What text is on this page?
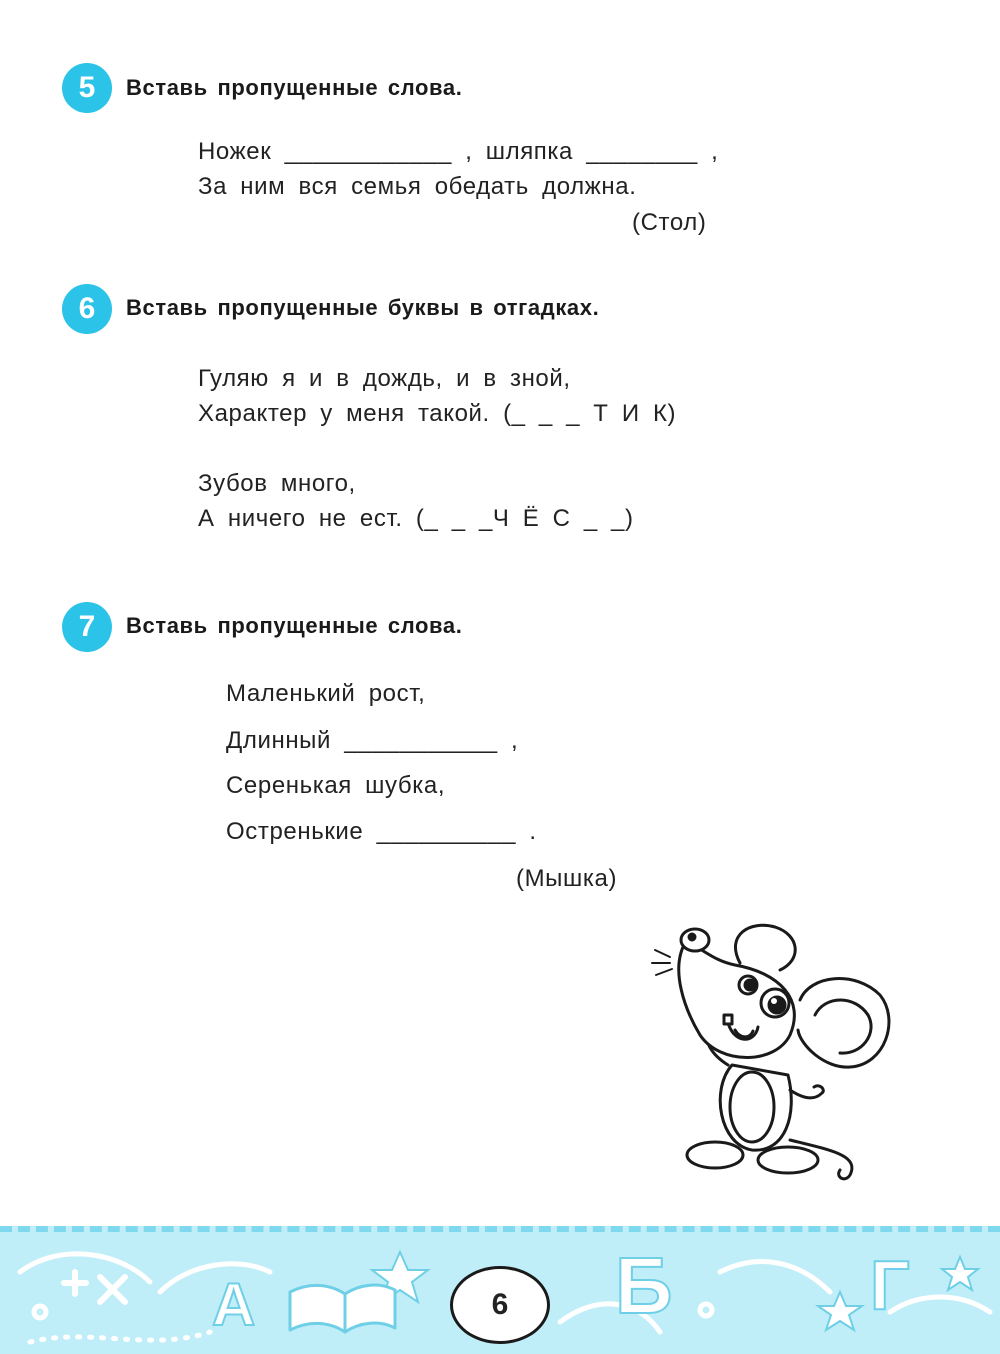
5	Вставь пропущенные слова.
Ножек ____________ , шляпка ________ ,
За ним вся семья обедать должна.
(Стол)
6	Вставь пропущенные буквы в отгадках.
Гуляю я и в дождь, и в зной,
Характер у меня такой. (_ _ _ Т И К)
Зубов много,
А ничего не ест. (_ _ _Ч Ё С _ _)
7	Вставь пропущенные слова.
Маленький рост,
Длинный ___________ ,
Серенькая шубка,
Остренькие __________ .
(Мышка)
А	Б	Г
6
